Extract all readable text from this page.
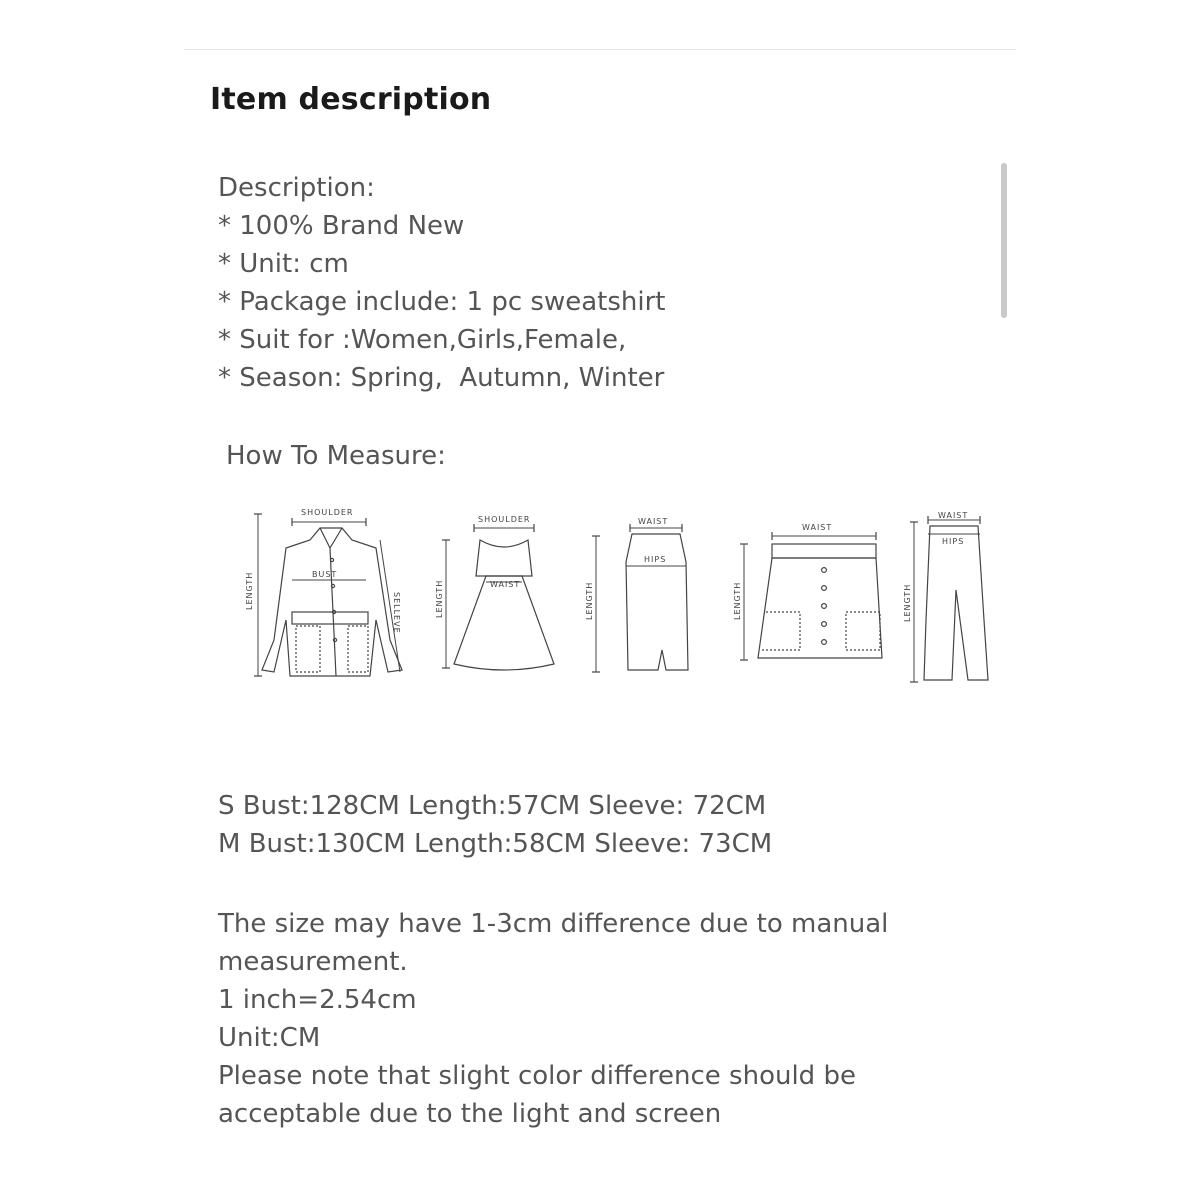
Item description
Description:
* 100% Brand New
* Unit: cm
* Package include: 1 pc sweatshirt
* Suit for :Women,Girls,Female,
* Season: Spring,  Autumn, Winter
How To Measure:
LENGTH
SHOULDER
BUST
SELLEVE	LENGTH
SHOULDER
WAIST	LENGTH
WAIST
HIPS
LENGTH
WAIST
LENGTH
WAIST
HIPS
S Bust:128CM Length:57CM Sleeve: 72CM
M Bust:130CM Length:58CM Sleeve: 73CM
The size may have 1-3cm difference due to manual
measurement.
1 inch=2.54cm
Unit:CM
Please note that slight color difference should be
acceptable due to the light and screen
